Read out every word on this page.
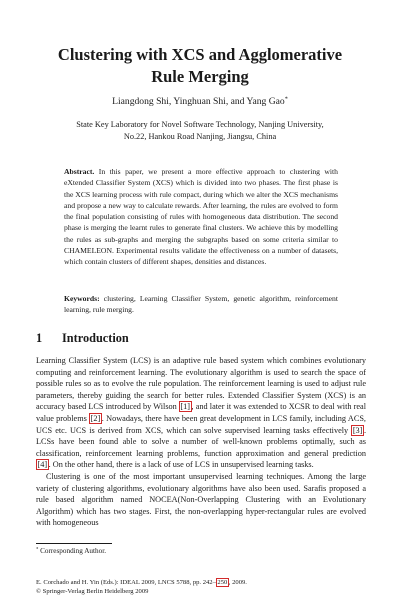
Clustering with XCS and Agglomerative
Rule Merging
Liangdong Shi, Yinghuan Shi, and Yang Gao*
State Key Laboratory for Novel Software Technology, Nanjing University,
No.22, Hankou Road Nanjing, Jiangsu, China
Abstract. In this paper, we present a more effective approach to clustering with eXtended Classifier System (XCS) which is divided into two phases. The first phase is the XCS learning process with rule compact, during which we alter the XCS mechanisms and propose a new way to calculate rewards. After learning, the rules are evolved to form the final population consisting of rules with homogeneous data distribution. The second phase is merging the learnt rules to generate final clusters. We achieve this by modelling the rules as sub-graphs and merging the subgraphs based on some criteria similar to CHAMELEON. Experimental results validate the effectiveness on a number of datasets, which contain clusters of different shapes, densities and distances.
Keywords: clustering, Learning Classifier System, genetic algorithm, reinforcement learning, rule merging.
1 Introduction

Learning Classifier System (LCS) is an adaptive rule based system which combines evolutionary computing and reinforcement learning. The evolutionary algorithm is used to search the space of possible rules so as to evolve the rule population. The reinforcement learning is used to adjust rule parameters, thereby guiding the search for better rules. Extended Classifier System (XCS) is an accuracy based LCS introduced by Wilson [1] , and later it was extended to XCSR to deal with real value problems [2] . Nowadays, there have been great development in LCS family, including ACS, UCS etc. UCS is derived from XCS, which can solve supervised learning tasks effectively [3] . LCSs have been found able to solve a number of well-known problems optimally, such as classification, reinforcement learning problems, function approximation and general prediction [4] . On the other hand, there is a lack of use of LCS in unsupervised learning tasks.

Clustering is one of the most important unsupervised learning techniques. Among the large variety of clustering algorithms, evolutionary algorithms have also been used. Sarafis proposed a rule based algorithm named NOCEA(Non-Overlapping Clustering with an Evolutionary Algorithm) which has two stages. First, the non-overlapping hyper-rectangular rules are evolved with homogeneous

* Corresponding Author.
E. Corchado and H. Yin (Eds.): IDEAL 2009, LNCS 5788, pp. 242– 250 , 2009.
© Springer-Verlag Berlin Heidelberg 2009
